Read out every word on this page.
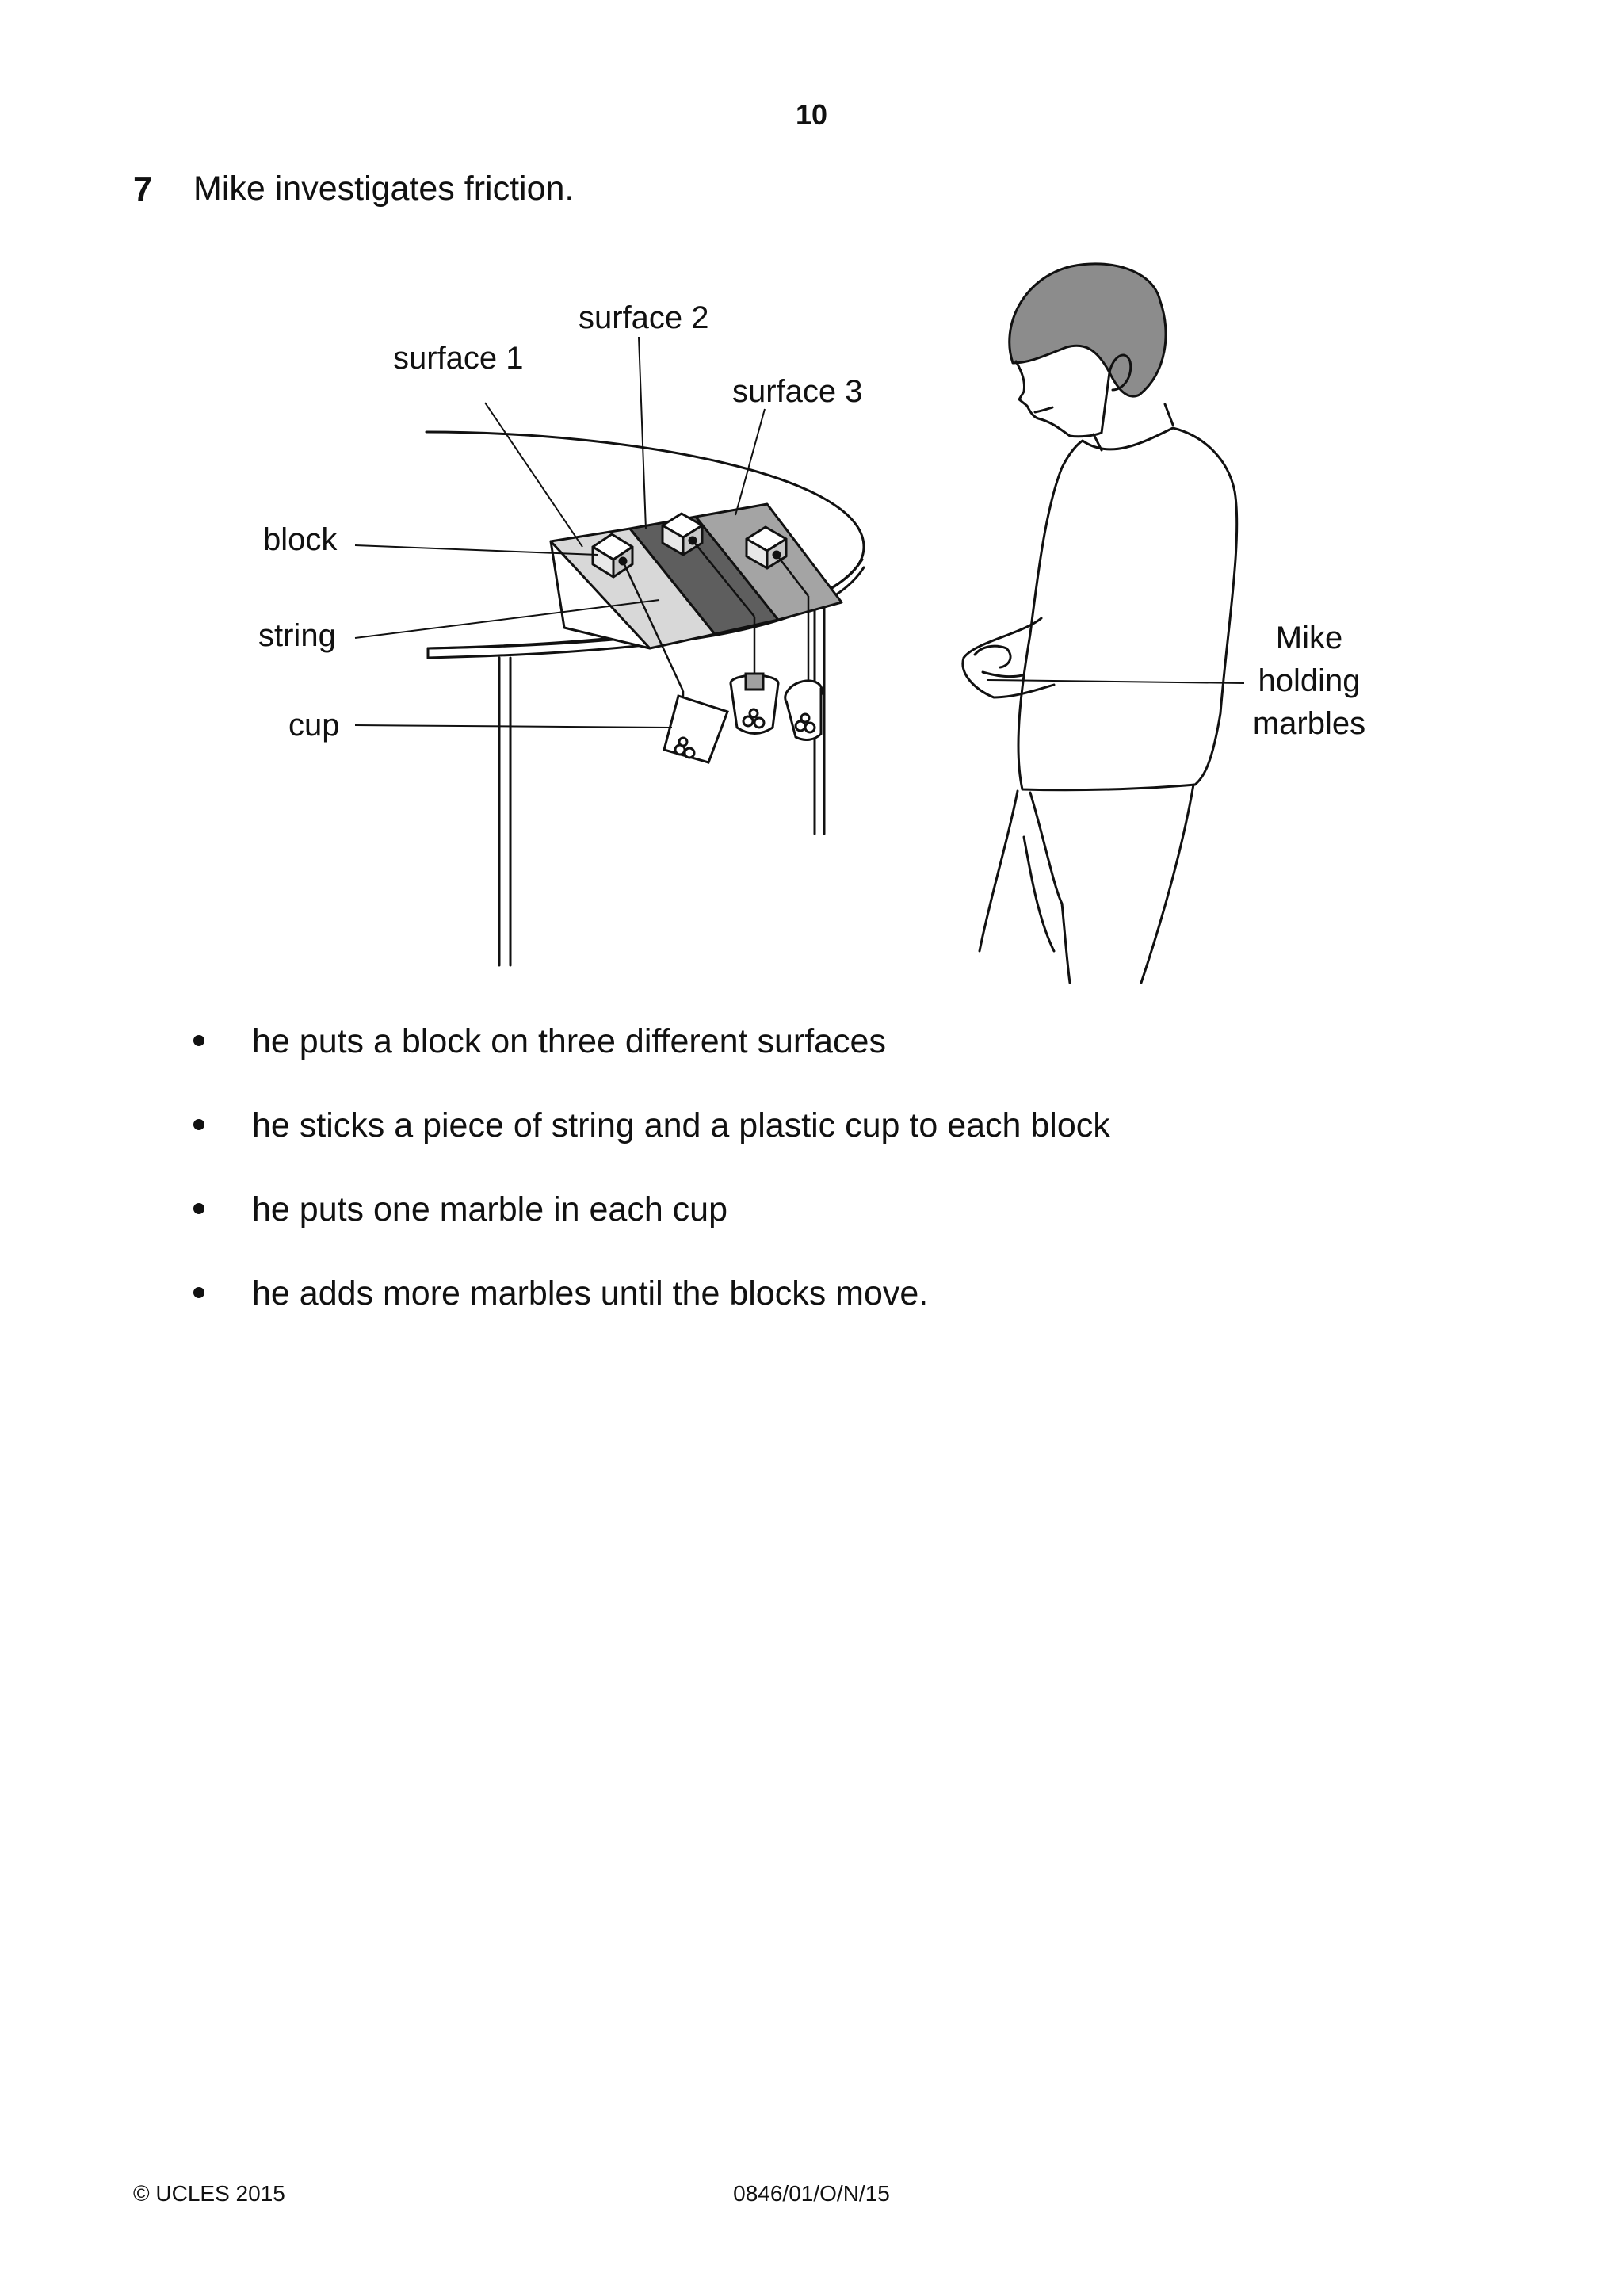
10
7 Mike investigates friction.
surface 1
surface 2
surface 3
block
string
cup
Mike
holding
marbles
he puts a block on three different surfaces
he sticks a piece of string and a plastic cup to each block
he puts one marble in each cup
he adds more marbles until the blocks move.
© UCLES 2015	0846/01/O/N/15
